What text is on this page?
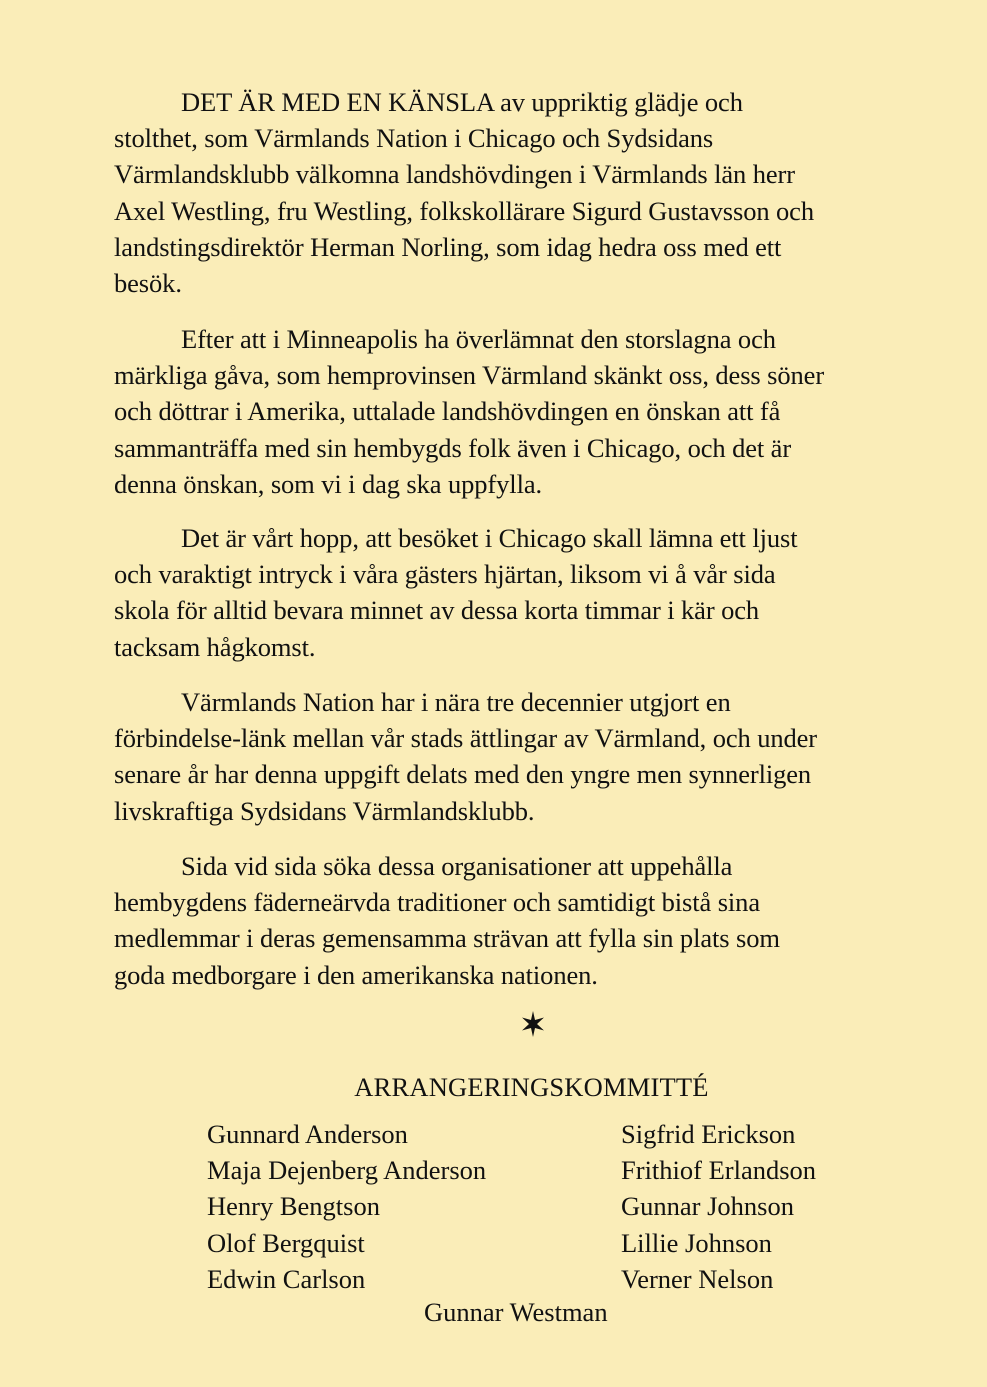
DET ÄR MED EN KÄNSLA av uppriktig glädje och
stolthet, som Värmlands Nation i Chicago och Sydsidans
Värmlandsklubb välkomna landshövdingen i Värmlands län herr
Axel Westling, fru Westling, folkskollärare Sigurd Gustavsson och
landstingsdirektör Herman Norling, som idag hedra oss med ett
besök.

Efter att i Minneapolis ha överlämnat den storslagna och
märkliga gåva, som hemprovinsen Värmland skänkt oss, dess söner
och döttrar i Amerika, uttalade landshövdingen en önskan att få
sammanträffa med sin hembygds folk även i Chicago, och det är
denna önskan, som vi i dag ska uppfylla.

Det är vårt hopp, att besöket i Chicago skall lämna ett ljust
och varaktigt intryck i våra gästers hjärtan, liksom vi å vår sida
skola för alltid bevara minnet av dessa korta timmar i kär och
tacksam hågkomst.

Värmlands Nation har i nära tre decennier utgjort en
förbindelse-länk mellan vår stads ättlingar av Värmland, och under
senare år har denna uppgift delats med den yngre men synnerligen
livskraftiga Sydsidans Värmlandsklubb.

Sida vid sida söka dessa organisationer att uppehålla
hembygdens fäderneärvda traditioner och samtidigt bistå sina
medlemmar i deras gemensamma strävan att fylla sin plats som
goda medborgare i den amerikanska nationen.

ARRANGERINGSKOMMITTÉ
Gunnard Anderson
Maja Dejenberg Anderson
Henry Bengtson
Olof Bergquist
Edwin Carlson
Sigfrid Erickson
Frithiof Erlandson
Gunnar Johnson
Lillie Johnson
Verner Nelson
Gunnar Westman
